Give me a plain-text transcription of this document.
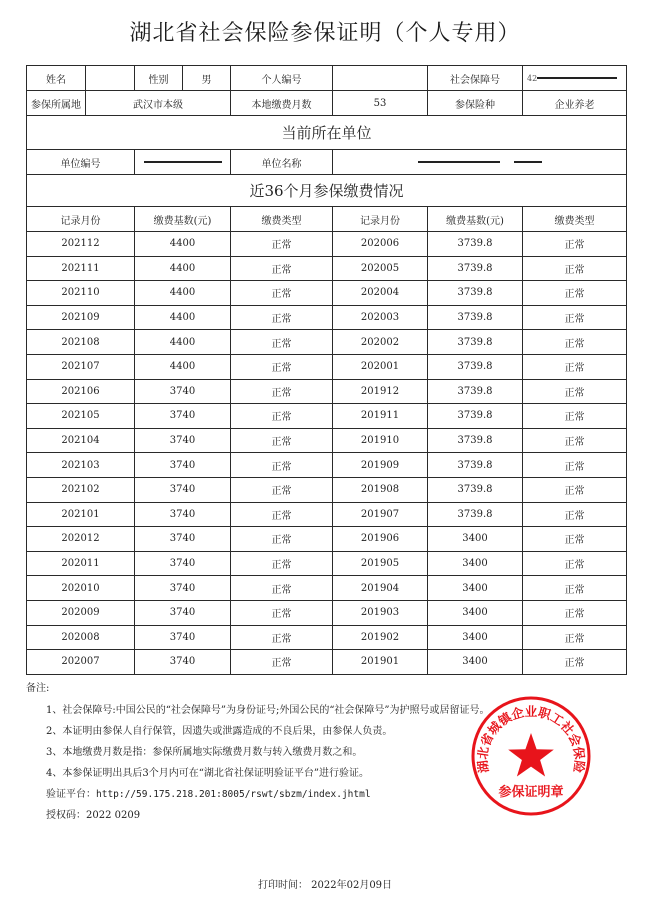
湖北省社会保险参保证明（个人专用）
姓名		性别	男	个人编号		社会保障号	42
参保所属地	武汉市本级			本地缴费月数	53	参保险种	企业养老
当前所在单位							
单位编号				单位名称			
近36个月参保缴费情况							
记录月份		缴费基数(元)		缴费类型	记录月份	缴费基数(元)	缴费类型
202112		4400		正常	202006	3739.8	正常
202111		4400		正常	202005	3739.8	正常
202110		4400		正常	202004	3739.8	正常
202109		4400		正常	202003	3739.8	正常
202108		4400		正常	202002	3739.8	正常
202107		4400		正常	202001	3739.8	正常
202106		3740		正常	201912	3739.8	正常
202105		3740		正常	201911	3739.8	正常
202104		3740		正常	201910	3739.8	正常
202103		3740		正常	201909	3739.8	正常
202102		3740		正常	201908	3739.8	正常
202101		3740		正常	201907	3739.8	正常
202012		3740		正常	201906	3400	正常
202011		3740		正常	201905	3400	正常
202010		3740		正常	201904	3400	正常
202009		3740		正常	201903	3400	正常
202008		3740		正常	201902	3400	正常
202007		3740		正常	201901	3400	正常
备注:
1、社会保障号:中国公民的“社会保障号”为身份证号;外国公民的“社会保障号”为护照号或居留证号。
2、本证明由参保人自行保管，因遗失或泄露造成的不良后果，由参保人负责。
3、本地缴费月数是指：参保所属地实际缴费月数与转入缴费月数之和。
4、本参保证明出具后3个月内可在“湖北省社保证明验证平台”进行验证。
验证平台：http://59.175.218.201:8005/rswt/sbzm/index.jhtml
授权码：2022 0209
湖北省城镇企业职工社会保险
参保证明章
打印时间： 2022年02月09日
